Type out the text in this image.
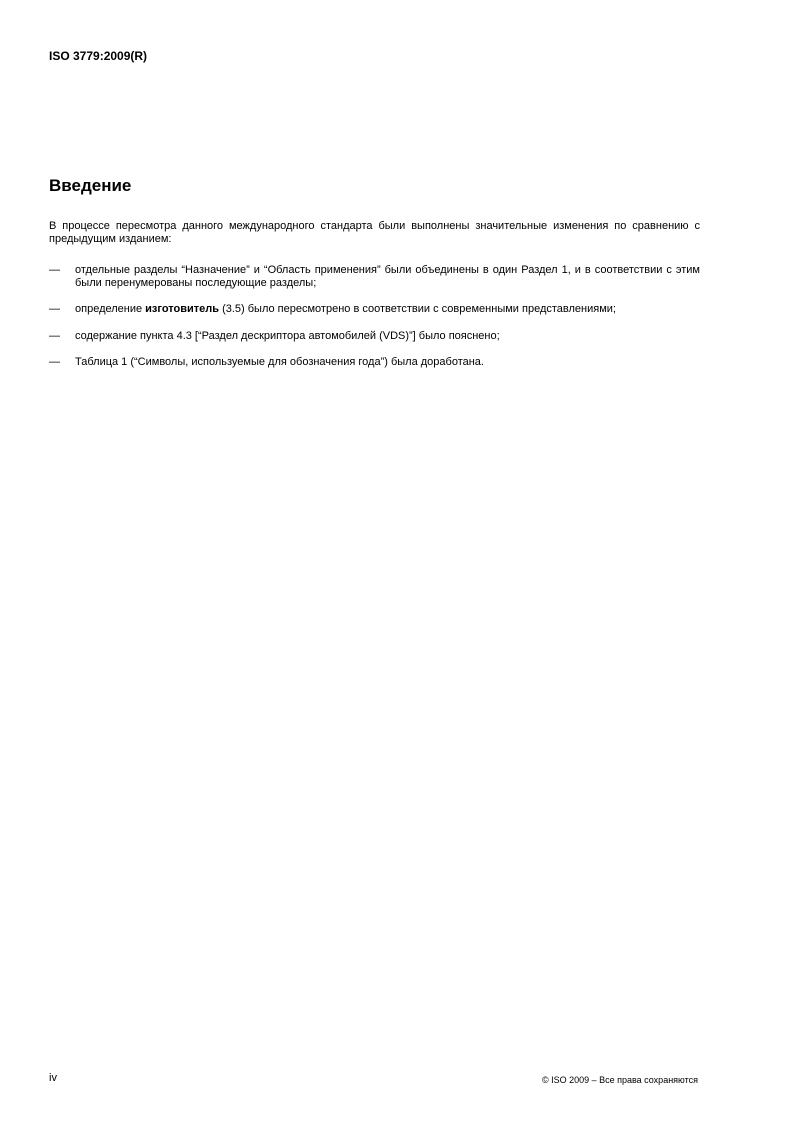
ISO 3779:2009(R)
Введение

В процессе пересмотра данного международного стандарта были выполнены значительные изменения по сравнению с предыдущим изданием:

— отдельные разделы “Назначение” и “Область применения” были объединены в один Раздел 1, и в соответствии с этим были перенумерованы последующие разделы;
— определение изготовитель (3.5) было пересмотрено в соответствии с современными представлениями;
— содержание пункта 4.3 [“Раздел дескриптора автомобилей (VDS)”] было пояснено;
— Таблица 1 (“Символы, используемые для обозначения года”) была доработана.
iv	© ISO 2009 – Все права сохраняются
